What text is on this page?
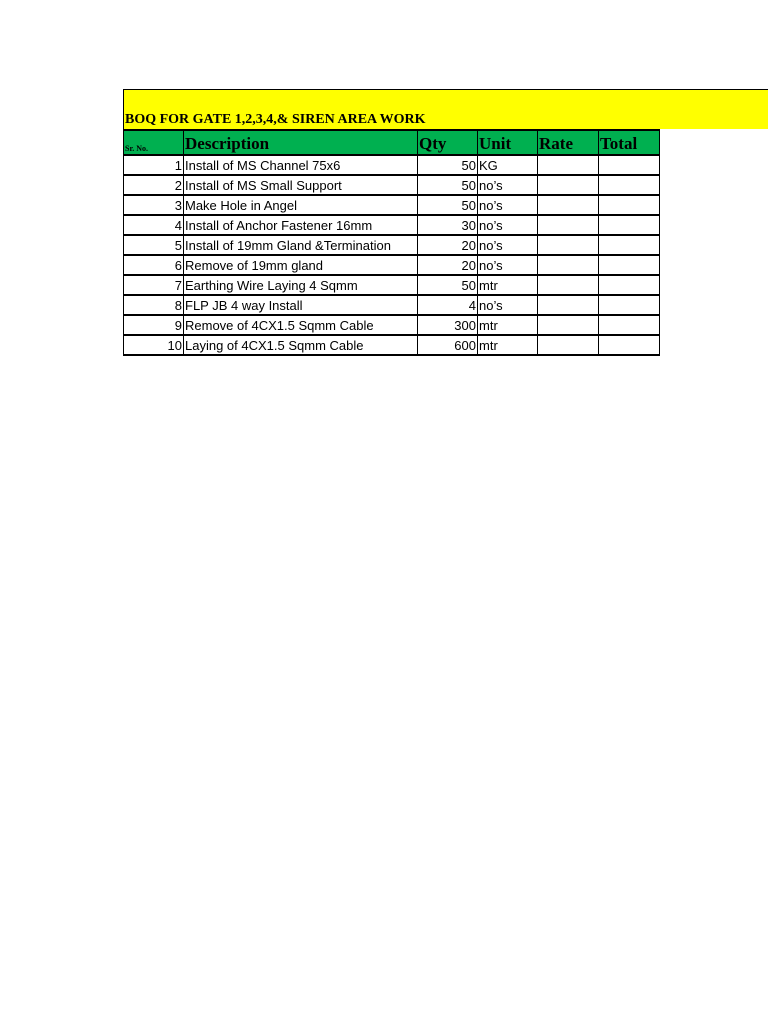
BOQ FOR GATE 1,2,3,4,& SIREN AREA WORK
Sr. No.	Description	Qty	Unit	Rate	Total
1	Install of MS Channel 75x6	50	KG		
2	Install of MS Small Support	50	no’s		
3	Make Hole in Angel	50	no’s		
4	Install of Anchor Fastener 16mm	30	no’s		
5	Install of 19mm Gland &Termination	20	no’s		
6	Remove of 19mm gland	20	no’s		
7	Earthing Wire Laying 4 Sqmm	50	mtr		
8	FLP JB 4 way Install	4	no’s		
9	Remove of 4CX1.5 Sqmm Cable	300	mtr		
10	Laying of 4CX1.5 Sqmm Cable	600	mtr		
